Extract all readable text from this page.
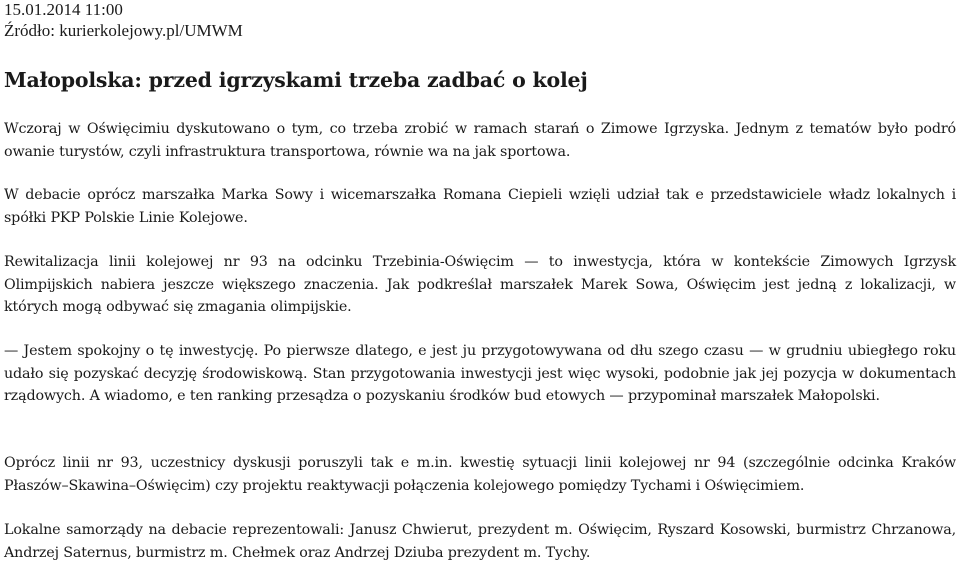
15.01.2014 11:00
Źródło: kurierkolejowy.pl/UMWM
Małopolska: przed igrzyskami trzeba zadbać o kolej

Wczoraj w Oświęcimiu dyskutowano o tym, co trzeba zrobić w ramach starań o Zimowe Igrzyska. Jednym z tematów było podró owanie turystów, czyli infrastruktura transportowa, równie wa na jak sportowa.

W debacie oprócz marszałka Marka Sowy i wicemarszałka Romana Ciepieli wzięli udział tak e przedstawiciele władz lokalnych i spółki PKP Polskie Linie Kolejowe.

Rewitalizacja linii kolejowej nr 93 na odcinku Trzebinia-Oświęcim — to inwestycja, która w kontekście Zimowych Igrzysk Olimpijskich nabiera jeszcze większego znaczenia. Jak podkreślał marszałek Marek Sowa, Oświęcim jest jedną z lokalizacji, w których mogą odbywać się zmagania olimpijskie.

— Jestem spokojny o tę inwestycję. Po pierwsze dlatego, e jest ju przygotowywana od dłu szego czasu — w grudniu ubiegłego roku udało się pozyskać decyzję środowiskową. Stan przygotowania inwestycji jest więc wysoki, podobnie jak jej pozycja w dokumentach rządowych. A wiadomo, e ten ranking przesądza o pozyskaniu środków bud etowych — przypominał marszałek Małopolski.

Oprócz linii nr 93, uczestnicy dyskusji poruszyli tak e m.in. kwestię sytuacji linii kolejowej nr 94 (szczególnie odcinka Kraków Płaszów–Skawina–Oświęcim) czy projektu reaktywacji połączenia kolejowego pomiędzy Tychami i Oświęcimiem.

Lokalne samorządy na debacie reprezentowali: Janusz Chwierut, prezydent m. Oświęcim, Ryszard Kosowski, burmistrz Chrzanowa, Andrzej Saternus, burmistrz m. Chełmek oraz Andrzej Dziuba prezydent m. Tychy.
